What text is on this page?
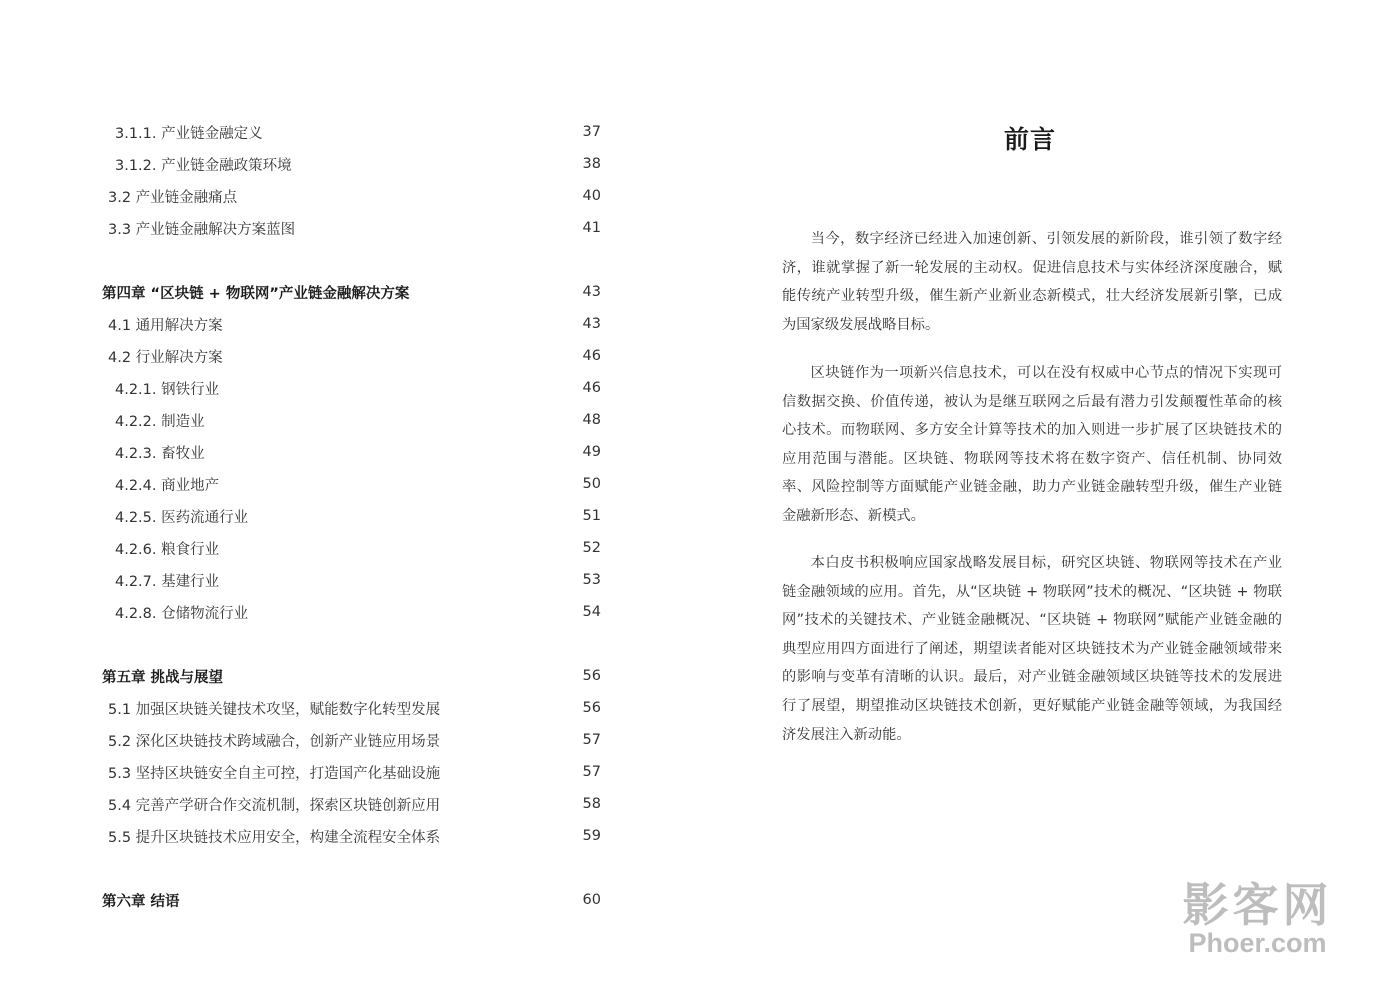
3.1.1. 产业链金融定义	37
3.1.2. 产业链金融政策环境	38
3.2 产业链金融痛点	40
3.3 产业链金融解决方案蓝图	41
第四章 “区块链 + 物联网”产业链金融解决方案	43
4.1 通用解决方案	43
4.2 行业解决方案	46
4.2.1. 钢铁行业	46
4.2.2. 制造业	48
4.2.3. 畜牧业	49
4.2.4. 商业地产	50
4.2.5. 医药流通行业	51
4.2.6. 粮食行业	52
4.2.7. 基建行业	53
4.2.8. 仓储物流行业	54
第五章 挑战与展望	56
5.1 加强区块链关键技术攻坚，赋能数字化转型发展	56
5.2 深化区块链技术跨域融合，创新产业链应用场景	57
5.3 坚持区块链安全自主可控，打造国产化基础设施	57
5.4 完善产学研合作交流机制，探索区块链创新应用	58
5.5 提升区块链技术应用安全，构建全流程安全体系	59
第六章 结语	60
前言

当今，数字经济已经进入加速创新、引领发展的新阶段，谁引领了数字经济，谁就掌握了新一轮发展的主动权。促进信息技术与实体经济深度融合，赋能传统产业转型升级，催生新产业新业态新模式，壮大经济发展新引擎，已成为国家级发展战略目标。

区块链作为一项新兴信息技术，可以在没有权威中心节点的情况下实现可信数据交换、价值传递，被认为是继互联网之后最有潜力引发颠覆性革命的核心技术。而物联网、多方安全计算等技术的加入则进一步扩展了区块链技术的应用范围与潜能。区块链、物联网等技术将在数字资产、信任机制、协同效率、风险控制等方面赋能产业链金融，助力产业链金融转型升级，催生产业链金融新形态、新模式。

本白皮书积极响应国家战略发展目标，研究区块链、物联网等技术在产业链金融领域的应用。首先，从“区块链 + 物联网”技术的概况、“区块链 + 物联网”技术的关键技术、产业链金融概况、“区块链 + 物联网”赋能产业链金融的典型应用四方面进行了阐述，期望读者能对区块链技术为产业链金融领域带来的影响与变革有清晰的认识。最后，对产业链金融领域区块链等技术的发展进行了展望，期望推动区块链技术创新，更好赋能产业链金融等领域，为我国经济发展注入新动能。

影客网
Phoer.com
